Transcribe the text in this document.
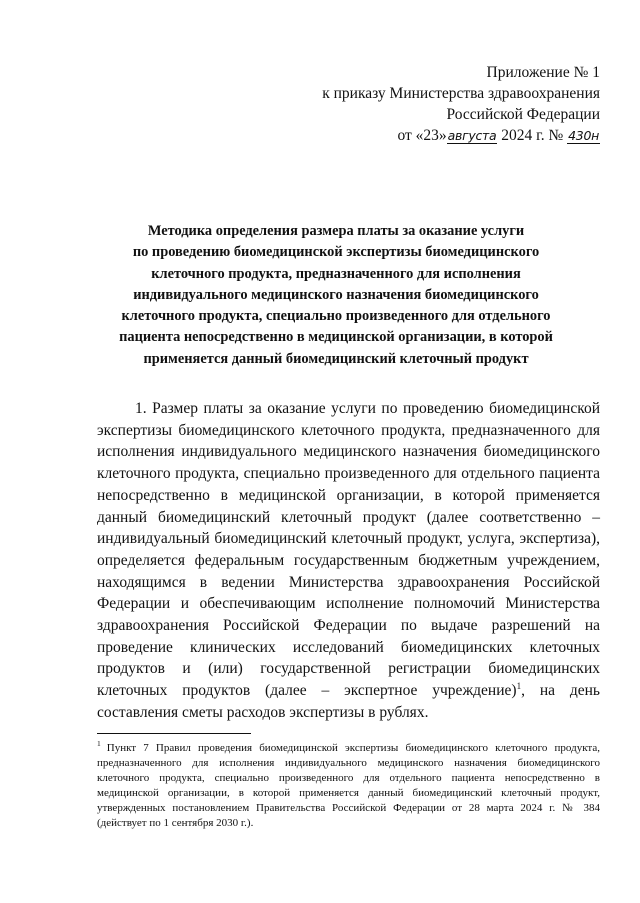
Приложение № 1
к приказу Министерства здравоохранения
Российской Федерации
от «23»августа 2024 г. № 430н
Методика определения размера платы за оказание услуги
по проведению биомедицинской экспертизы биомедицинского
клеточного продукта, предназначенного для исполнения
индивидуального медицинского назначения биомедицинского
клеточного продукта, специально произведенного для отдельного
пациента непосредственно в медицинской организации, в которой
применяется данный биомедицинский клеточный продукт
1. Размер платы за оказание услуги по проведению биомедицинской экспертизы биомедицинского клеточного продукта, предназначенного для исполнения индивидуального медицинского назначения биомедицинского клеточного продукта, специально произведенного для отдельного пациента непосредственно в медицинской организации, в которой применяется данный биомедицинский клеточный продукт (далее соответственно – индивидуальный биомедицинский клеточный продукт, услуга, экспертиза), определяется федеральным государственным бюджетным учреждением, находящимся в ведении Министерства здравоохранения Российской Федерации и обеспечивающим исполнение полномочий Министерства здравоохранения Российской Федерации по выдаче разрешений на проведение клинических исследований биомедицинских клеточных продуктов и (или) государственной регистрации биомедицинских клеточных продуктов (далее – экспертное учреждение)$^1$, на день составления сметы расходов экспертизы в рублях.
$^1$ Пункт 7 Правил проведения биомедицинской экспертизы биомедицинского клеточного продукта, предназначенного для исполнения индивидуального медицинского назначения биомедицинского клеточного продукта, специально произведенного для отдельного пациента непосредственно в медицинской организации, в которой применяется данный биомедицинский клеточный продукт, утвержденных постановлением Правительства Российской Федерации от 28 марта 2024 г. № 384 (действует по 1 сентября 2030 г.).
